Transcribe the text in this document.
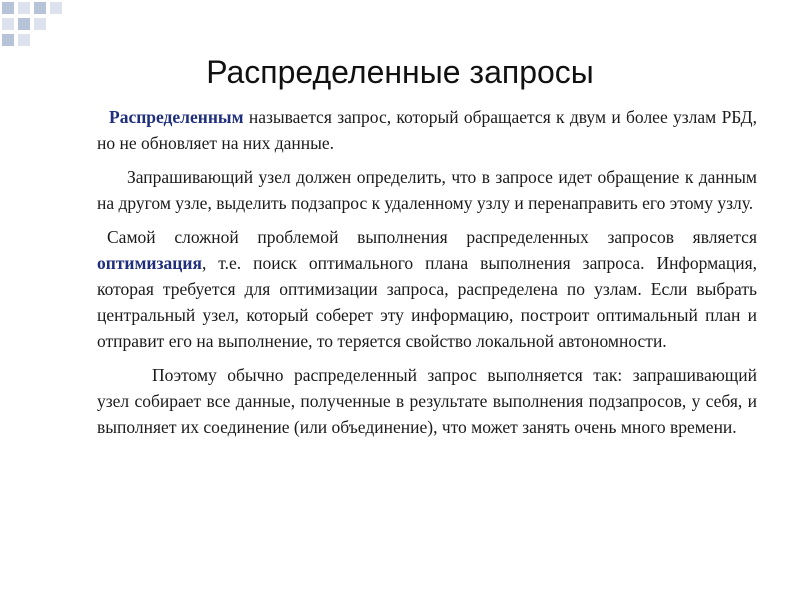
Распределенные запросы

Распределенным называется запрос, который обращается к двум и более узлам РБД, но не обновляет на них данные.

Запрашивающий узел должен определить, что в запросе идет обращение к данным на другом узле, выделить подзапрос к удаленному узлу и перенаправить его этому узлу.

Самой сложной проблемой выполнения распределенных запросов является оптимизация, т.е. поиск оптимального плана выполнения запроса. Информация, которая требуется для оптимизации запроса, распределена по узлам. Если выбрать центральный узел, который соберет эту информацию, построит оптимальный план и отправит его на выполнение, то теряется свойство локальной автономности.

Поэтому обычно распределенный запрос выполняется так: запрашивающий узел собирает все данные, полученные в результате выполнения подзапросов, у себя, и выполняет их соединение (или объединение), что может занять очень много времени.
